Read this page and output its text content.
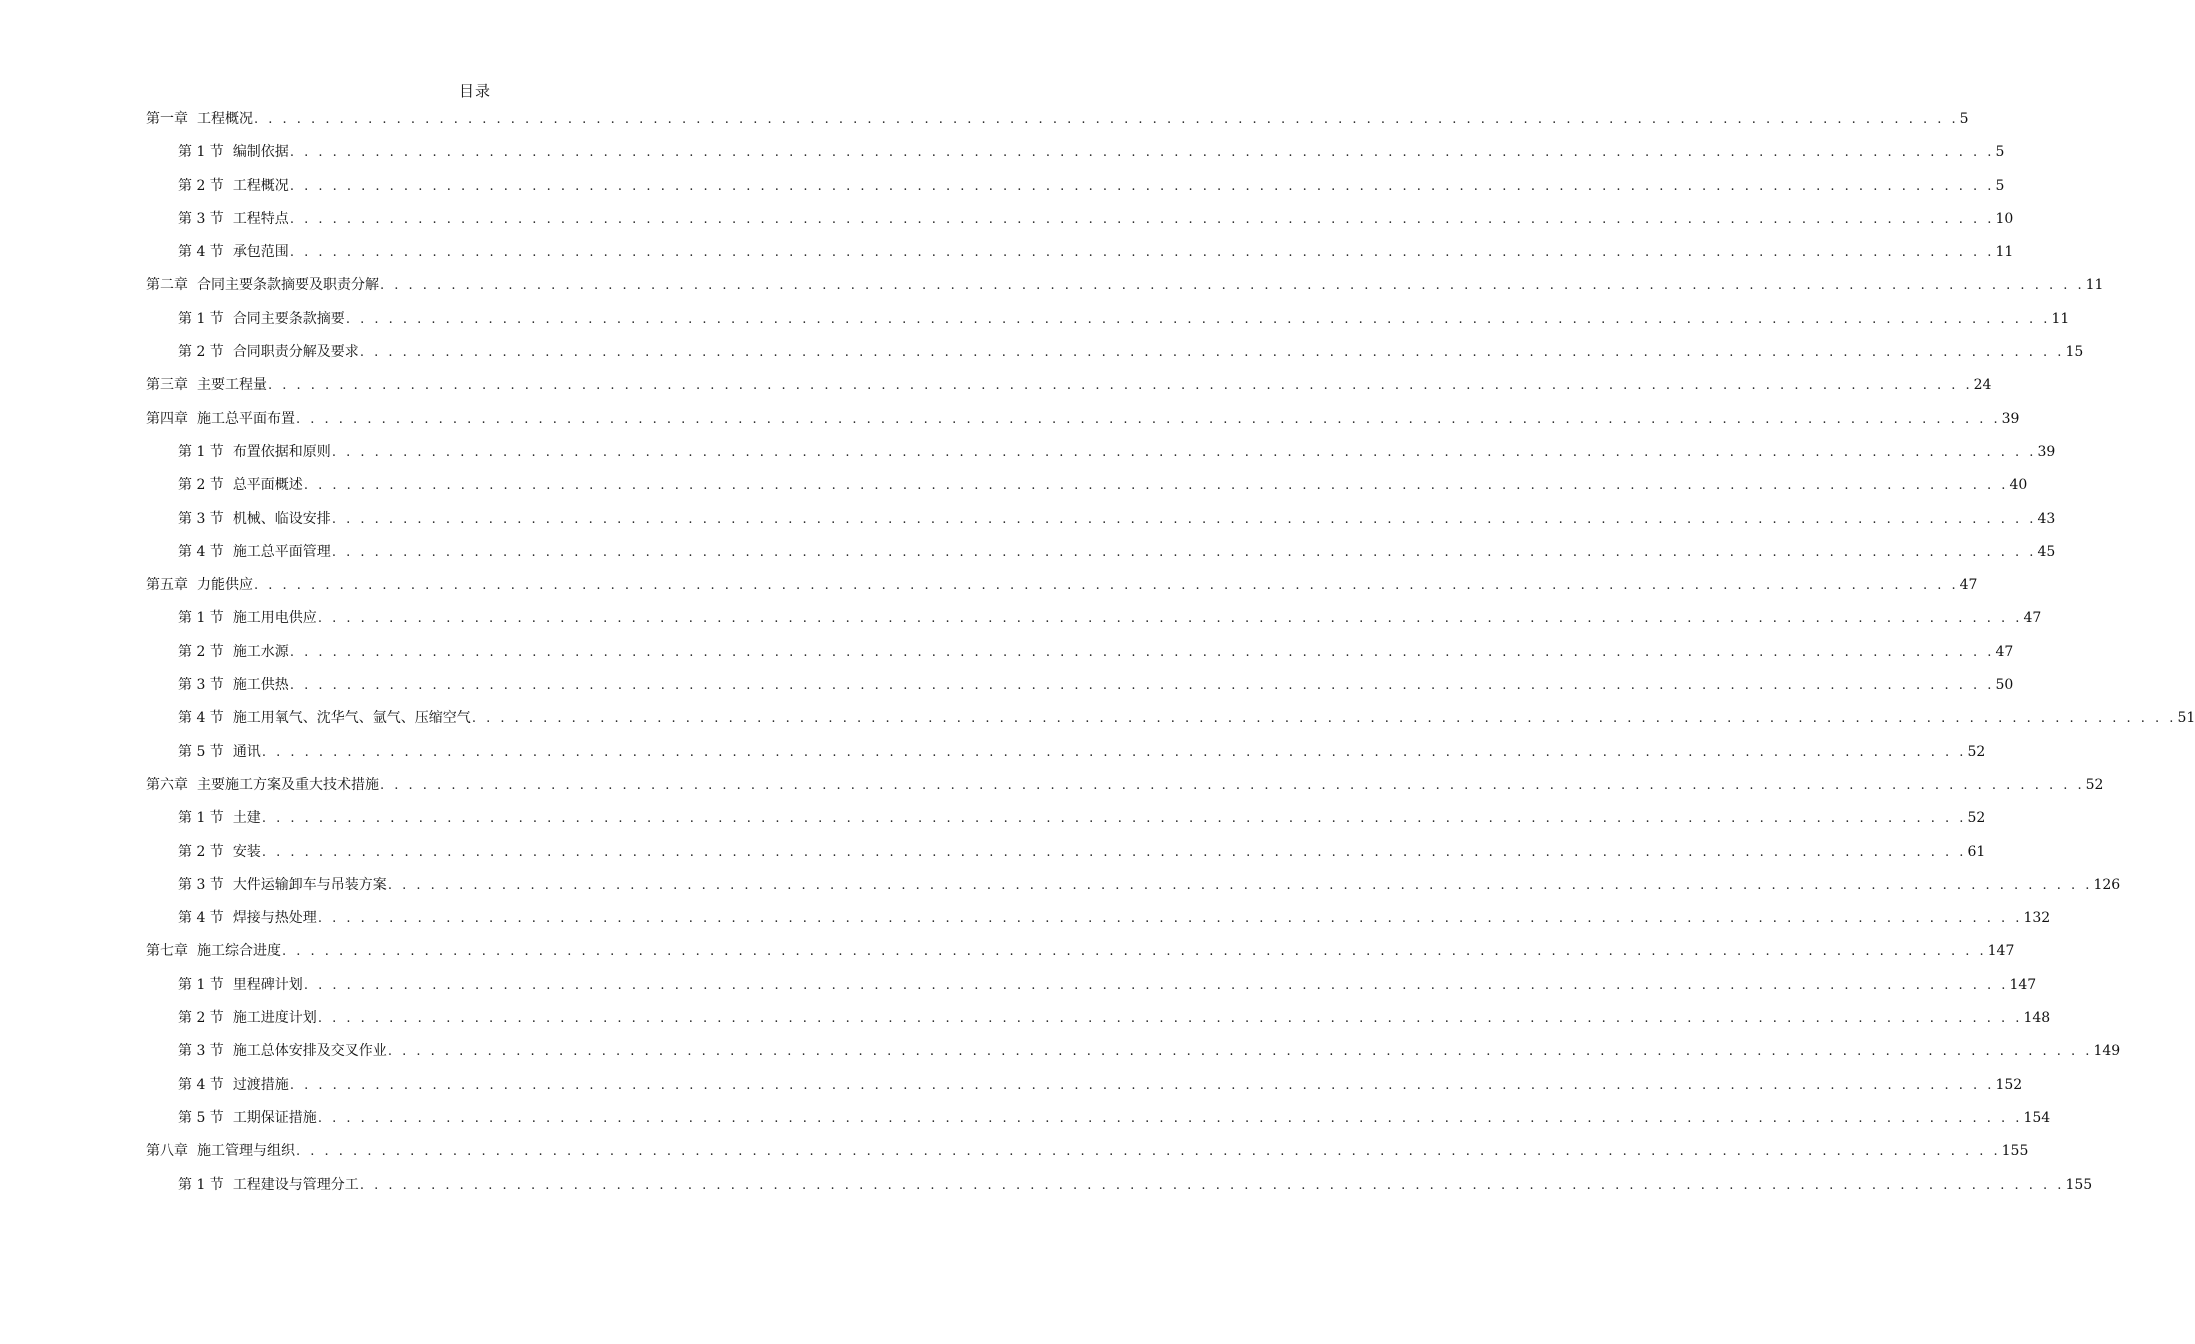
目录
第一章 工程概况 . . . . . . . . . . . . . . . . . . . . . . . . . . . . . . . . . . . . . . . . . . . . . . . . . . . . . . . . . . . . . . . . . . . . . . . . . . . . . . . . . . . . . . . . . . . . . . . . . . . . . . . . . . . . . . . . . . . . . . . . 5
第 1 节 编制依据 . . . . . . . . . . . . . . . . . . . . . . . . . . . . . . . . . . . . . . . . . . . . . . . . . . . . . . . . . . . . . . . . . . . . . . . . . . . . . . . . . . . . . . . . . . . . . . . . . . . . . . . . . . . . . . . . . . . . . . . . 5
第 2 节 工程概况 . . . . . . . . . . . . . . . . . . . . . . . . . . . . . . . . . . . . . . . . . . . . . . . . . . . . . . . . . . . . . . . . . . . . . . . . . . . . . . . . . . . . . . . . . . . . . . . . . . . . . . . . . . . . . . . . . . . . . . . . 5
第 3 节 工程特点 . . . . . . . . . . . . . . . . . . . . . . . . . . . . . . . . . . . . . . . . . . . . . . . . . . . . . . . . . . . . . . . . . . . . . . . . . . . . . . . . . . . . . . . . . . . . . . . . . . . . . . . . . . . . . . . . . . . . . . . . 10
第 4 节 承包范围 . . . . . . . . . . . . . . . . . . . . . . . . . . . . . . . . . . . . . . . . . . . . . . . . . . . . . . . . . . . . . . . . . . . . . . . . . . . . . . . . . . . . . . . . . . . . . . . . . . . . . . . . . . . . . . . . . . . . . . . . 11
第二章 合同主要条款摘要及职责分解 . . . . . . . . . . . . . . . . . . . . . . . . . . . . . . . . . . . . . . . . . . . . . . . . . . . . . . . . . . . . . . . . . . . . . . . . . . . . . . . . . . . . . . . . . . . . . . . . . . . . . . . . . . . . . . . . . . . . . . . . 11
第 1 节 合同主要条款摘要 . . . . . . . . . . . . . . . . . . . . . . . . . . . . . . . . . . . . . . . . . . . . . . . . . . . . . . . . . . . . . . . . . . . . . . . . . . . . . . . . . . . . . . . . . . . . . . . . . . . . . . . . . . . . . . . . . . . . . . . . 11
第 2 节 合同职责分解及要求 . . . . . . . . . . . . . . . . . . . . . . . . . . . . . . . . . . . . . . . . . . . . . . . . . . . . . . . . . . . . . . . . . . . . . . . . . . . . . . . . . . . . . . . . . . . . . . . . . . . . . . . . . . . . . . . . . . . . . . . . 15
第三章 主要工程量 . . . . . . . . . . . . . . . . . . . . . . . . . . . . . . . . . . . . . . . . . . . . . . . . . . . . . . . . . . . . . . . . . . . . . . . . . . . . . . . . . . . . . . . . . . . . . . . . . . . . . . . . . . . . . . . . . . . . . . . . 24
第四章 施工总平面布置 . . . . . . . . . . . . . . . . . . . . . . . . . . . . . . . . . . . . . . . . . . . . . . . . . . . . . . . . . . . . . . . . . . . . . . . . . . . . . . . . . . . . . . . . . . . . . . . . . . . . . . . . . . . . . . . . . . . . . . . . 39
第 1 节 布置依据和原则 . . . . . . . . . . . . . . . . . . . . . . . . . . . . . . . . . . . . . . . . . . . . . . . . . . . . . . . . . . . . . . . . . . . . . . . . . . . . . . . . . . . . . . . . . . . . . . . . . . . . . . . . . . . . . . . . . . . . . . . . 39
第 2 节 总平面概述 . . . . . . . . . . . . . . . . . . . . . . . . . . . . . . . . . . . . . . . . . . . . . . . . . . . . . . . . . . . . . . . . . . . . . . . . . . . . . . . . . . . . . . . . . . . . . . . . . . . . . . . . . . . . . . . . . . . . . . . . 40
第 3 节 机械、临设安排 . . . . . . . . . . . . . . . . . . . . . . . . . . . . . . . . . . . . . . . . . . . . . . . . . . . . . . . . . . . . . . . . . . . . . . . . . . . . . . . . . . . . . . . . . . . . . . . . . . . . . . . . . . . . . . . . . . . . . . . . 43
第 4 节 施工总平面管理 . . . . . . . . . . . . . . . . . . . . . . . . . . . . . . . . . . . . . . . . . . . . . . . . . . . . . . . . . . . . . . . . . . . . . . . . . . . . . . . . . . . . . . . . . . . . . . . . . . . . . . . . . . . . . . . . . . . . . . . . 45
第五章 力能供应 . . . . . . . . . . . . . . . . . . . . . . . . . . . . . . . . . . . . . . . . . . . . . . . . . . . . . . . . . . . . . . . . . . . . . . . . . . . . . . . . . . . . . . . . . . . . . . . . . . . . . . . . . . . . . . . . . . . . . . . . 47
第 1 节 施工用电供应 . . . . . . . . . . . . . . . . . . . . . . . . . . . . . . . . . . . . . . . . . . . . . . . . . . . . . . . . . . . . . . . . . . . . . . . . . . . . . . . . . . . . . . . . . . . . . . . . . . . . . . . . . . . . . . . . . . . . . . . . 47
第 2 节 施工水源 . . . . . . . . . . . . . . . . . . . . . . . . . . . . . . . . . . . . . . . . . . . . . . . . . . . . . . . . . . . . . . . . . . . . . . . . . . . . . . . . . . . . . . . . . . . . . . . . . . . . . . . . . . . . . . . . . . . . . . . . 47
第 3 节 施工供热 . . . . . . . . . . . . . . . . . . . . . . . . . . . . . . . . . . . . . . . . . . . . . . . . . . . . . . . . . . . . . . . . . . . . . . . . . . . . . . . . . . . . . . . . . . . . . . . . . . . . . . . . . . . . . . . . . . . . . . . . 50
第 4 节 施工用氧气、沈华气、氩气、压缩空气 . . . . . . . . . . . . . . . . . . . . . . . . . . . . . . . . . . . . . . . . . . . . . . . . . . . . . . . . . . . . . . . . . . . . . . . . . . . . . . . . . . . . . . . . . . . . . . . . . . . . . . . . . . . . . . . . . . . . . . . . 51
第 5 节 通讯 . . . . . . . . . . . . . . . . . . . . . . . . . . . . . . . . . . . . . . . . . . . . . . . . . . . . . . . . . . . . . . . . . . . . . . . . . . . . . . . . . . . . . . . . . . . . . . . . . . . . . . . . . . . . . . . . . . . . . . . . 52
第六章 主要施工方案及重大技术措施 . . . . . . . . . . . . . . . . . . . . . . . . . . . . . . . . . . . . . . . . . . . . . . . . . . . . . . . . . . . . . . . . . . . . . . . . . . . . . . . . . . . . . . . . . . . . . . . . . . . . . . . . . . . . . . . . . . . . . . . . 52
第 1 节 土建 . . . . . . . . . . . . . . . . . . . . . . . . . . . . . . . . . . . . . . . . . . . . . . . . . . . . . . . . . . . . . . . . . . . . . . . . . . . . . . . . . . . . . . . . . . . . . . . . . . . . . . . . . . . . . . . . . . . . . . . . 52
第 2 节 安装 . . . . . . . . . . . . . . . . . . . . . . . . . . . . . . . . . . . . . . . . . . . . . . . . . . . . . . . . . . . . . . . . . . . . . . . . . . . . . . . . . . . . . . . . . . . . . . . . . . . . . . . . . . . . . . . . . . . . . . . . 61
第 3 节 大件运输卸车与吊装方案 . . . . . . . . . . . . . . . . . . . . . . . . . . . . . . . . . . . . . . . . . . . . . . . . . . . . . . . . . . . . . . . . . . . . . . . . . . . . . . . . . . . . . . . . . . . . . . . . . . . . . . . . . . . . . . . . . . . . . . . . 126
第 4 节 焊接与热处理 . . . . . . . . . . . . . . . . . . . . . . . . . . . . . . . . . . . . . . . . . . . . . . . . . . . . . . . . . . . . . . . . . . . . . . . . . . . . . . . . . . . . . . . . . . . . . . . . . . . . . . . . . . . . . . . . . . . . . . . . 132
第七章 施工综合进度 . . . . . . . . . . . . . . . . . . . . . . . . . . . . . . . . . . . . . . . . . . . . . . . . . . . . . . . . . . . . . . . . . . . . . . . . . . . . . . . . . . . . . . . . . . . . . . . . . . . . . . . . . . . . . . . . . . . . . . . . 147
第 1 节 里程碑计划 . . . . . . . . . . . . . . . . . . . . . . . . . . . . . . . . . . . . . . . . . . . . . . . . . . . . . . . . . . . . . . . . . . . . . . . . . . . . . . . . . . . . . . . . . . . . . . . . . . . . . . . . . . . . . . . . . . . . . . . . 147
第 2 节 施工进度计划 . . . . . . . . . . . . . . . . . . . . . . . . . . . . . . . . . . . . . . . . . . . . . . . . . . . . . . . . . . . . . . . . . . . . . . . . . . . . . . . . . . . . . . . . . . . . . . . . . . . . . . . . . . . . . . . . . . . . . . . . 148
第 3 节 施工总体安排及交叉作业 . . . . . . . . . . . . . . . . . . . . . . . . . . . . . . . . . . . . . . . . . . . . . . . . . . . . . . . . . . . . . . . . . . . . . . . . . . . . . . . . . . . . . . . . . . . . . . . . . . . . . . . . . . . . . . . . . . . . . . . . 149
第 4 节 过渡措施 . . . . . . . . . . . . . . . . . . . . . . . . . . . . . . . . . . . . . . . . . . . . . . . . . . . . . . . . . . . . . . . . . . . . . . . . . . . . . . . . . . . . . . . . . . . . . . . . . . . . . . . . . . . . . . . . . . . . . . . . 152
第 5 节 工期保证措施 . . . . . . . . . . . . . . . . . . . . . . . . . . . . . . . . . . . . . . . . . . . . . . . . . . . . . . . . . . . . . . . . . . . . . . . . . . . . . . . . . . . . . . . . . . . . . . . . . . . . . . . . . . . . . . . . . . . . . . . . 154
第八章 施工管理与组织 . . . . . . . . . . . . . . . . . . . . . . . . . . . . . . . . . . . . . . . . . . . . . . . . . . . . . . . . . . . . . . . . . . . . . . . . . . . . . . . . . . . . . . . . . . . . . . . . . . . . . . . . . . . . . . . . . . . . . . . . 155
第 1 节 工程建设与管理分工 . . . . . . . . . . . . . . . . . . . . . . . . . . . . . . . . . . . . . . . . . . . . . . . . . . . . . . . . . . . . . . . . . . . . . . . . . . . . . . . . . . . . . . . . . . . . . . . . . . . . . . . . . . . . . . . . . . . . . . . . 155
